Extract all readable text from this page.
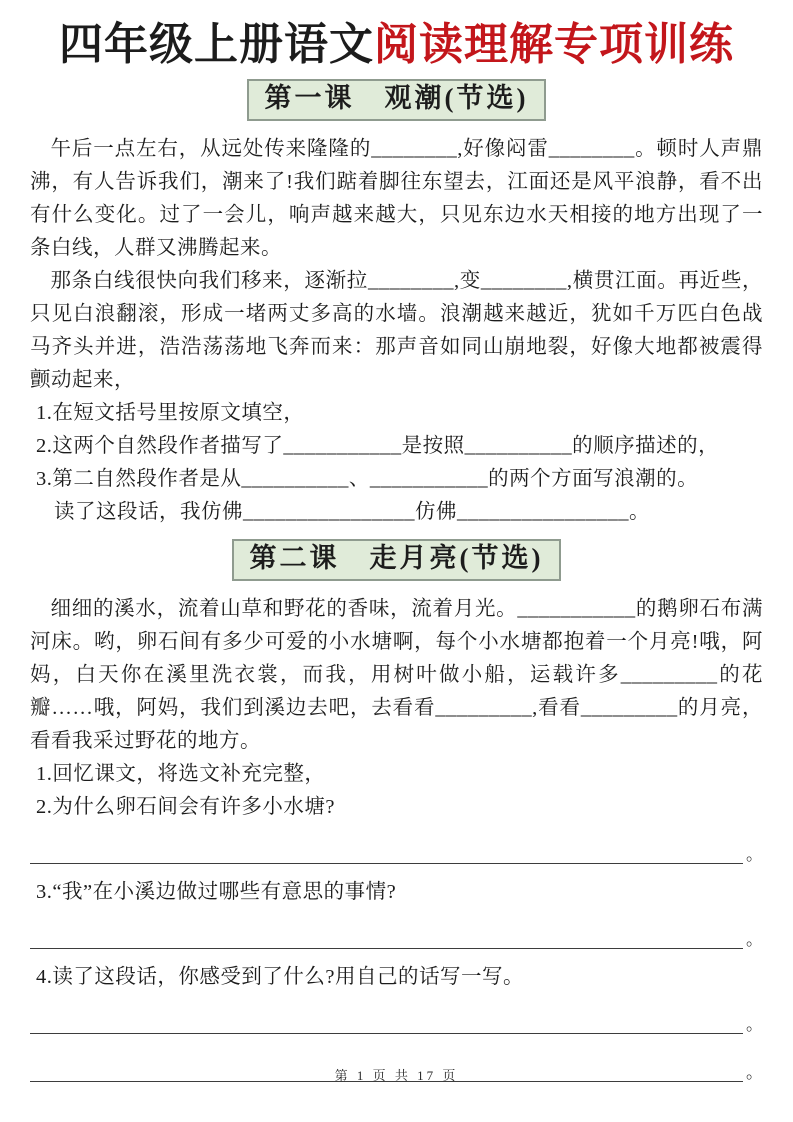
四年级上册语文阅读理解专项训练
第一课　观潮(节选)

午后一点左右，从远处传来隆隆的________,好像闷雷________。顿时人声鼎沸，有人告诉我们，潮来了!我们踮着脚往东望去，江面还是风平浪静，看不出有什么变化。过了一会儿，响声越来越大，只见东边水天相接的地方出现了一条白线，人群又沸腾起来。

那条白线很快向我们移来，逐渐拉________,变________,横贯江面。再近些，只见白浪翻滚，形成一堵两丈多高的水墙。浪潮越来越近，犹如千万匹白色战马齐头并进，浩浩荡荡地飞奔而来：那声音如同山崩地裂，好像大地都被震得颤动起来，

1.在短文括号里按原文填空，
2.这两个自然段作者描写了___________是按照__________的顺序描述的，
3.第二自然段作者是从__________、___________的两个方面写浪潮的。
读了这段话，我仿佛________________仿佛________________。
第二课　走月亮(节选)

细细的溪水，流着山草和野花的香味，流着月光。___________的鹅卵石布满河床。哟，卵石间有多少可爱的小水塘啊，每个小水塘都抱着一个月亮!哦，阿妈，白天你在溪里洗衣裳，而我，用树叶做小船，运载许多_________的花瓣……哦，阿妈，我们到溪边去吧，去看看_________,看看_________的月亮，看看我采过野花的地方。

1.回忆课文，将选文补充完整，
2.为什么卵石间会有许多小水塘?
。
3.“我”在小溪边做过哪些有意思的事情?
。
4.读了这段话，你感受到了什么?用自己的话写一写。
。
。
第 1 页 共 17 页
